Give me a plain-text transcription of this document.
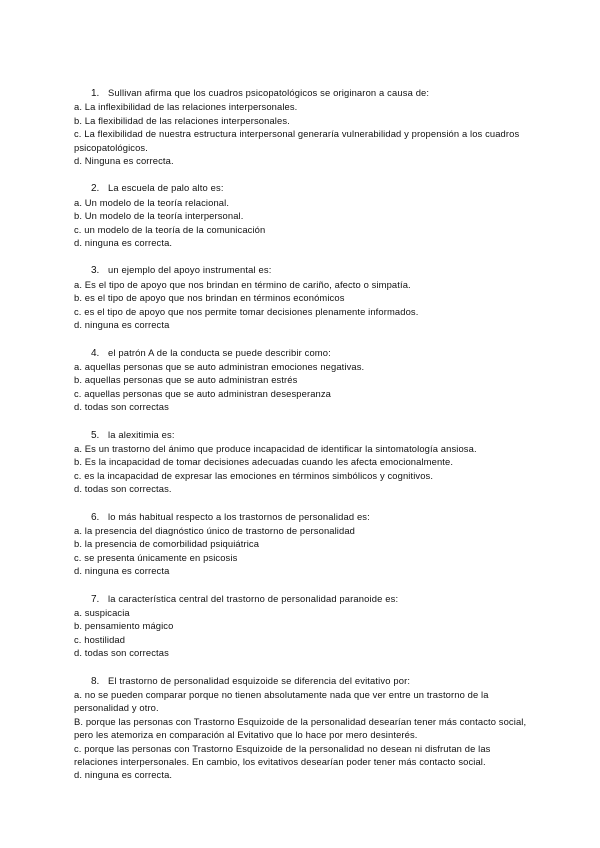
1. Sullivan afirma que los cuadros psicopatológicos se originaron a causa de:
a. La inflexibilidad de las relaciones interpersonales.
b. La flexibilidad de las relaciones interpersonales.
c. La flexibilidad de nuestra estructura interpersonal generaría vulnerabilidad y propensión a los cuadros psicopatológicos.
d. Ninguna es correcta.
2. La escuela de palo alto es:
a. Un modelo de la teoría relacional.
b. Un modelo de la teoría interpersonal.
c. un modelo de la teoría de la comunicación
d. ninguna es correcta.
3. un ejemplo del apoyo instrumental es:
a. Es el tipo de apoyo que nos brindan en término de cariño, afecto o simpatía.
b. es el tipo de apoyo que nos brindan en términos económicos
c. es el tipo de apoyo que nos permite tomar decisiones plenamente informados.
d. ninguna es correcta
4. el patrón A de la conducta se puede describir como:
a. aquellas personas que se auto administran emociones negativas.
b. aquellas personas que se auto administran estrés
c. aquellas personas que se auto administran desesperanza
d. todas son correctas
5. la alexitimia es:
a. Es un trastorno del ánimo que produce incapacidad de identificar la sintomatología ansiosa.
b. Es la incapacidad de tomar decisiones adecuadas cuando les afecta emocionalmente.
c. es la incapacidad de expresar las emociones en términos simbólicos y cognitivos.
d. todas son correctas.
6. lo más habitual respecto a los trastornos de personalidad es:
a. la presencia del diagnóstico único de trastorno de personalidad
b. la presencia de comorbilidad psiquiátrica
c. se presenta únicamente en psicosis
d. ninguna es correcta
7. la característica central del trastorno de personalidad paranoide es:
a. suspicacia
b. pensamiento mágico
c. hostilidad
d. todas son correctas
8. El trastorno de personalidad esquizoide se diferencia del evitativo por:
a. no se pueden comparar porque no tienen absolutamente nada que ver entre un trastorno de la personalidad y otro.
B. porque las personas con Trastorno Esquizoide de la personalidad desearían tener más contacto social, pero les atemoriza en comparación al Evitativo que lo hace por mero desinterés.
c. porque las personas con Trastorno Esquizoide de la personalidad no desean ni disfrutan de las relaciones interpersonales. En cambio, los evitativos desearían poder tener más contacto social.
d. ninguna es correcta.
